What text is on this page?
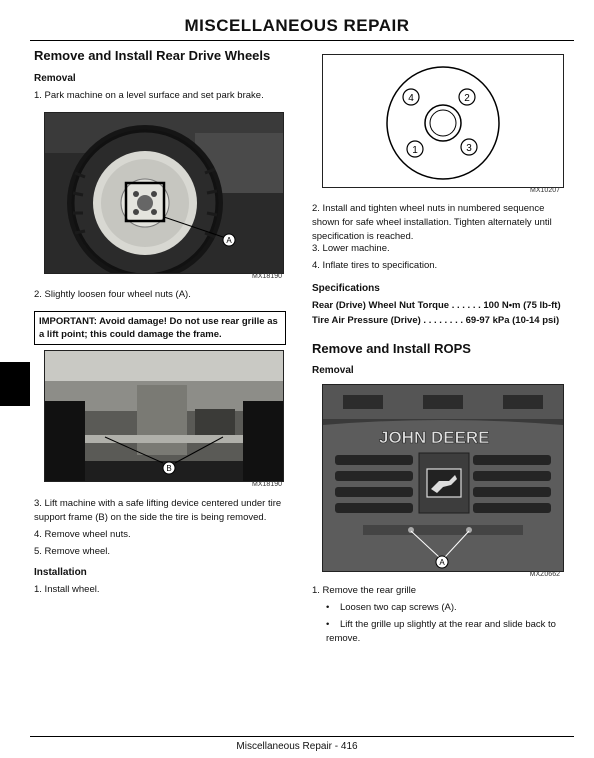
MISCELLANEOUS REPAIR
Remove and Install Rear Drive Wheels
Removal
1. Park machine on a level surface and set park brake.
A
MX18190
2. Slightly loosen four wheel nuts (A).
IMPORTANT: Avoid damage! Do not use rear grille as a lift point; this could damage the frame.
B
MX18190
3. Lift machine with a safe lifting device centered under tire support frame (B) on the side the tire is being removed.
4. Remove wheel nuts.
5. Remove wheel.
Installation
1. Install wheel.
4	2
1	3
MX10207
2. Install and tighten wheel nuts in numbered sequence shown for safe wheel installation. Tighten alternately until specification is reached.
3. Lower machine.
4. Inflate tires to specification.
Specifications
Rear (Drive) Wheel Nut Torque . . . . . . 100 N•m (75 lb-ft)
Tire Air Pressure (Drive) . . . . . . . . 69-97 kPa (10-14 psi)
Remove and Install ROPS
Removal
JOHN DEERE
A
MXZ0662
1. Remove the rear grille
• Loosen two cap screws (A).
• Lift the grille up slightly at the rear and slide back to remove.
Miscellaneous Repair - 416
